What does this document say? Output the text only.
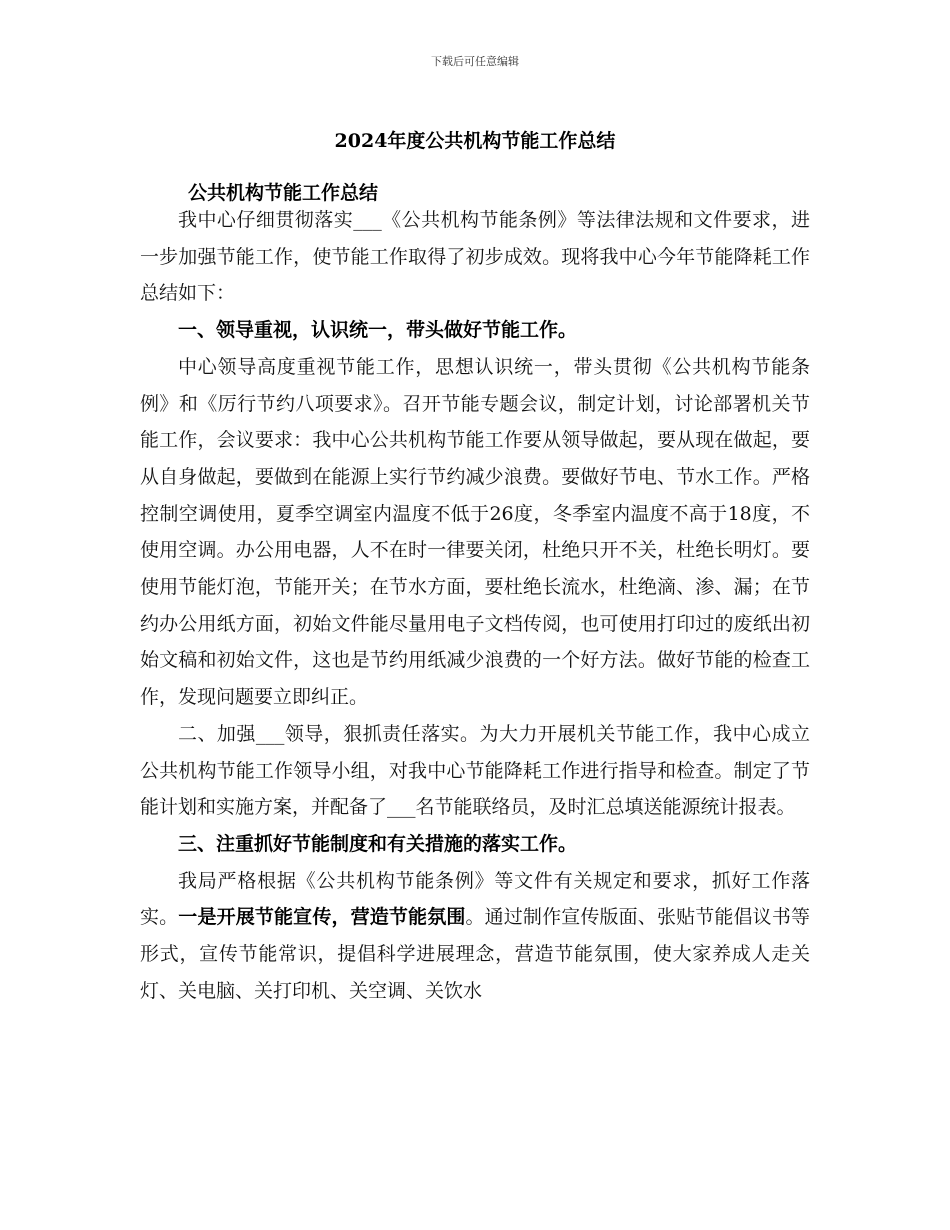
下载后可任意编辑
2024年度公共机构节能工作总结
公共机构节能工作总结

我中心仔细贯彻落实___《公共机构节能条例》等法律法规和文件要求，进一步加强节能工作，使节能工作取得了初步成效。现将我中心今年节能降耗工作总结如下：

一、领导重视，认识统一，带头做好节能工作。

中心领导高度重视节能工作，思想认识统一，带头贯彻《公共机构节能条例》和《厉行节约八项要求》。召开节能专题会议，制定计划，讨论部署机关节能工作，会议要求：我中心公共机构节能工作要从领导做起，要从现在做起，要从自身做起，要做到在能源上实行节约减少浪费。要做好节电、节水工作。严格控制空调使用，夏季空调室内温度不低于26度，冬季室内温度不高于18度，不使用空调。办公用电器，人不在时一律要关闭，杜绝只开不关，杜绝长明灯。要使用节能灯泡，节能开关；在节水方面，要杜绝长流水，杜绝滴、渗、漏；在节约办公用纸方面，初始文件能尽量用电子文档传阅，也可使用打印过的废纸出初始文稿和初始文件，这也是节约用纸减少浪费的一个好方法。做好节能的检查工作，发现问题要立即纠正。

二、加强___领导，狠抓责任落实。为大力开展机关节能工作，我中心成立公共机构节能工作领导小组，对我中心节能降耗工作进行指导和检查。制定了节能计划和实施方案，并配备了___名节能联络员，及时汇总填送能源统计报表。

三、注重抓好节能制度和有关措施的落实工作。

我局严格根据《公共机构节能条例》等文件有关规定和要求，抓好工作落实。一是开展节能宣传，营造节能氛围。通过制作宣传版面、张贴节能倡议书等形式，宣传节能常识，提倡科学进展理念，营造节能氛围，使大家养成人走关灯、关电脑、关打印机、关空调、关饮水
